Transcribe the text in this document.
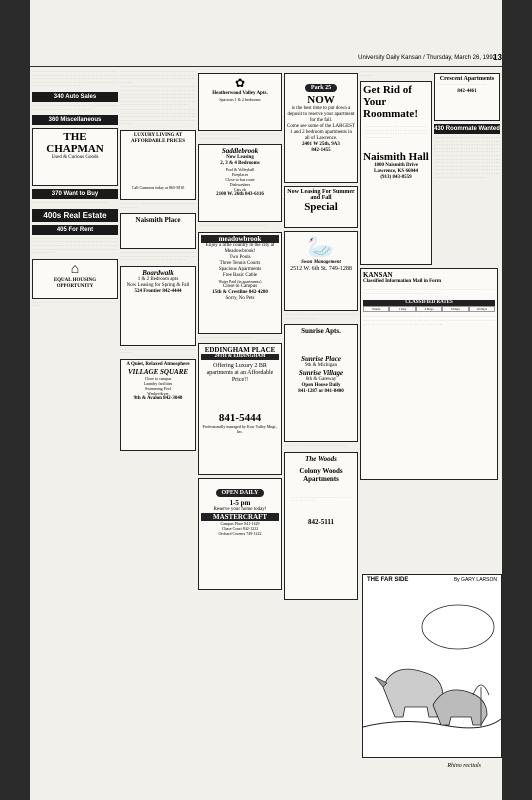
University Daily Kansan / Thursday, March 26, 1992
13
· · · · · · · · · · · · · · · · · · · · · · · · · · · · · · · · · · · · · · · · · · · · · · · · · · · · · · · · · · · · · · · · · · · · · · · · · · · · · · · · · · · · · · · · · · · · · · · · · · · · · · · · · · · · · · · · · · · · · · · · · · · · · · · · · · · · · · · · · · · · · · · · · · · · · · · · · · · · · · · · · · · · · · · · · · · · · · · · · · · · · · · · · · · · · · · · · · · · · · · · · · · · · · · · · · · · · · · · · · · · · · · · · · · · · · · · · · · · · · · · · · ·
340 Auto Sales
· · · · · · · · · · · · · · · · · · · · · · · · · · · · · · · · · · · · · · · · · · · · · · · · · · · · · · · · · · · · · · · · · · · · · · · · · · · · · · · · · · · · · · · · · ·
360 Miscellaneous
THE CHAPMAN
Used & Curious Goods
370 Want to Buy
· · · · · · · · · · · · · · · · · · · · · · · · · · · · · · · · · · · · · · · · · · · · · · · ·
400s Real Estate
405 For Rent
· · · · · · · · · · · · · · · · · · · · · · · · · · · · · · · · · · · · · · · · · · · · · · · · · · · · · · · · · · · · · · · · · · · · · · · · · · · · · · · · · · · · · · · · · · · · · · · · · · · · · · · · · · · · · · · · · · · · · · · · · · · · · · · · · · · · · · · · · · · · · · · · · · · · · · · · · · · · · · · · · · · · · · · · · · · · · · · · · · · · · · · · · · · · · · · · · · · · · · · · · · · · · · · · · · · · · · · · · · · · · · · · · ·
⌂
EQUAL HOUSING OPPORTUNITY
· · · · · · · · · · · · · · · · · · · · · · · · · · · · · · · · · · · · · · · · · · · · · · · · · · · · · · · · · ·
· · · · · · · · · · · · · · · · · · · · · · · · · · · · · · · · · · · · · · · · · · · · · · · · · · · · · · · · · · · · · · · · · · · · · · · · · · · · · · · · · · · · · · · · · · · · · · · · · · · · · · · · · · · · · · · · · · · · · · · · · · · · · · · · · · · · · · · · · · · · · · · · · · · · ·
· · · · · · · · · · · · · · · · · · · · · · · · · · · · · · · · · · · · · · · · · · · · · · · · · · · · · · · · · · · · · · · · · · · · · · · · · · · · · · · · · · · · · · · · · · · · · · · · · · · · · · · · · · · · · · · · · · · · · · · · · · · · · · · · · · · · · · · · · · · · · · · · · · · · · · · · · · · · · · · · · · · · · · · · · · · · · · · · · · · · · · · · · · · · · · · · · · · · · · · · · · · · · · · · · · · · · · · · · · · · · · · · · · · · · · · · · · · · · · · · · · · · · · · · · · · · · · · · · · · · · · · · · · · · · · · · · · · · · ·
· · · · · · · · · · · · · · · · · · · · · · · · · · · · · · · · · · · · · · · · · · · · · · · · · · · · · · · · · · · · · · · · · · · · · · · · · · · · · · · · · · · · · · · · · · · · · · · · · · · · · · · · · · · · · · · · · · · · · · · · · · · · · · · · · · · · · · · · · · · · · · · · · · · · · · · · · · · · · · · · · · · · · · · · · · · · · · · · · · · · · · · · · · · · · · · · · · · ·
LUXURY LIVING AT AFFORDABLE PRICES
Call Cameron today at 865-5810
· · · · · · · · · · · · · · · · · · · · · · · · · · · · · · · · · · · · · · · · · · · · · · · · · · · · · · · · · ·
Naismith Place
· · · · · · · · · · · · · · · · · · · · · · · · · · · · · · · · · · · · · · · · · · · · · · · · · · · · · · · · · · · · · · · · · · · · · · · · · · · · · · · · · · · · · · · · · · · · · · · · · · · · · · · · · · · · · · · · · · · · · · · · · · · · · · · · · · · · · · ·
Boardwalk
1 & 2 Bedroom apts
Now Leasing for Spring & Fall
524 Frontier 842-4444
· · · · · · · · · · · · · · · · · · · · · · · · · · · · · · · · · · · · · · · · · · · · · · · · · · · · · · ·
A Quiet, Relaxed Atmosphere
VILLAGE SQUARE
Close to campus
Laundry facilities
Swimming Pool
Washer/dryer
9th & Avalon 842-3040
✿
Heatherwood Valley Apts.
Spacious 1 & 2 bedrooms
· · · · · · · · · · · · · · · · · · · · · · · · · · · · · · · · · · · · · · · · · · · · · · · · · · · · · · · · · · · · · · · · · · · · · · · · · · · · · ·
Saddlebrook
Now Leasing
2, 3 & 4 Bedrooms
Pool & Volleyball
Fireplaces
Close to bus route
Dishwashers
Cats ok
2100 W. 26th 843-6116
· · · · · · · · · · · · · · · · · · · · · · · · · · · · · · · · · · · · · · · · · · ·
meadowbrook
Enjoy a little country in the city at Meadowbrook!
Two Pools
Three Tennis Courts
Spacious Apartments
Free Basic Cable
Water Paid (in apartments)
Close to Campus
15th & Crestline 842-4200
Sorry, No Pets
· · · · · · · · · · · · · · · · · · · · · · · · · · · · · · · · · ·
EDDINGHAM PLACE
24TH & EDDINGHAM
Offering Luxury 2 BR apartments at an Affordable Price!!
841-5444
Professionally managed by Kow Valley Mngt., Inc.
OPEN DAILY
1-5 pm
Reserve your home today!
MASTERCRAFT
Campus Place 841-1429
Chase Court 842-1222
Orchard Corners 749-1222
Park 25
NOW
is the best time to put down a deposit to reserve your apartment for the fall.
Come see some of the LARGEST 1 and 2 bedroom apartments in all of Lawrence.
2401 W 25th, 9A3
842-1455
Now Leasing For Summer and Fall
Special
🦢
Swan Management
2512 W. 6th St. 749-1288
· · · · · · · · · · · · · · · · · · · · · · · · · · · · · · · · · · · · · · · · · · · · · · · · · · · · · · · · · · · · · · · · · ·
Sunrise Apts.
Sunrise Place
9th & Michigan
Sunrise Village
6th & Gateway
Open House Daily
841-1287 or 841-8400
· · · · · · · · · · · · · · · · · · · · · · · · · · · · · · · · · · · · · · ·
The Woods
Colony Woods Apartments
· · · · · · · · · · · · · · · · · · · · · · · · · · · · · · · · · · · · · · · · · · · · · · · · · · · ·
842-5111
· · · · · · · · · · · · · · · · · · · · · · · · · · · · · · · · · · · · · · · · · · · · · · · · · · · · ·
Get Rid of Your Roommate!
· · · · · · · · · · · · · · · · · · · · · · · · · · · · · · · · · · · · · · · · · · · · · · · · · · · · · · · · · · · · · · · · · · · · · · · · · · · · · · · · · · · · · · · · · · · · · · · · · · · · · · · · · · · · · · · · · · · · · · · · · · · · · · · · · · ·
Naismith Hall
1800 Naismith Drive
Lawrence, KS 66044
(913) 843-8559
KANSAN
Classified Information Mail in Form
· · · · · · · · · · · · · · · · · · · · · · · · · · · · · · · · · · · · · · · · · · · · · · · · · · · · · · · · · · · · · · · · · · · · · · · · · · · · · · · · · · · · · · · · · · · · · · · · · · · · · · · · · · · · · · · · · · · · · · · · · · · · · · · · ·
CLASSIFIED RATES
Words	1 Day	3 Days	5 Days	10 Days
· · · · · · · · · · · · · · · · · · · · · · · · · · · · · · · · · · · · · · · · · · · · · · · · · · · · · · · · · · · · · · · · · · · · · · · · · · · · · · · · · · · · · · · · · · · · · · · · · · · · · · · · · · · · · · · · · · · · · · · · · · · · · · · · · · · · · · · · · · · · · · · · · · · · · · · · · · · · · · · · · · · · · · · · · · · · · · · · · · · · · · · · · · · · · · · · · · · · · · · · · · · · · · · · · · ·
Crescent Apartments
· · · · · · · · · · · · · · · · · · · · · · · · · · · · · · ·
842-4461
430 Roommate Wanted
· · · · · · · · · · · · · · · · · · · · · · · · · · · · · · · · · · · · · · · · · · · · · · · · · · · · · · · · · · · · · · · · · · · · · · · · · · · · · · · · · · · · · · · · · · · · · · · · · · · · · · · · · · · · · · · · · · · · · · · · · · · · · · · · · · · · · · · · · · · · · · · · · · · · · · · · · · · · · · · · · · · · · · · · · · · · · · · · · · · · · · · · · · · · · · · · · · · · · · · · · · · · · · · · · · · · · · · · · · · · · · · · · · · · · · · · · · · · · · · · · · · · · · · · · · · · · · · · · · · · · · · · · · · · · · · · · · · · · · · · · · · · · · · · · · · · · · · · · · · · · · · · · · · · · · · · · · · · · · · · · · · · · · · · · · · · · · · · · · · · · · · · · · · · · · · · · · · · · · · · · · · · · · · · · · · · · · · · · · · · · · · · · · · · · · · · · · · · · · · · · · · · · · · · · · · · · · · · · · · · · · · · · · · · · · · · · · · · · · · · · · · · · · · · · · · · · · · · · · · · · · · · · · · · · · · ·
THE FAR SIDE	By GARY LARSON
Rhino recitals
